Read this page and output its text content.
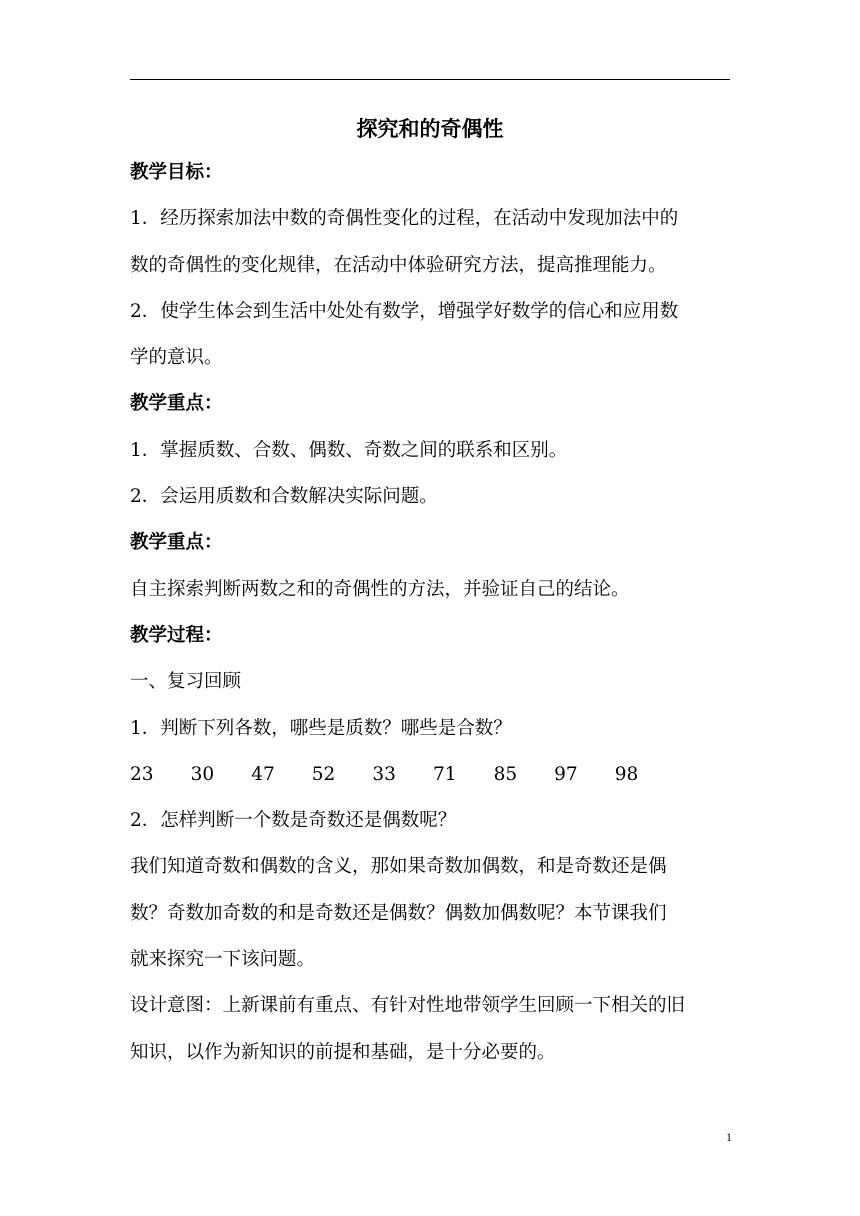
探究和的奇偶性
教学目标：
1．经历探索加法中数的奇偶性变化的过程，在活动中发现加法中的
数的奇偶性的变化规律，在活动中体验研究方法，提高推理能力。
2．使学生体会到生活中处处有数学，增强学好数学的信心和应用数
学的意识。
教学重点：
1．掌握质数、合数、偶数、奇数之间的联系和区别。
2．会运用质数和合数解决实际问题。
教学重点：
自主探索判断两数之和的奇偶性的方法，并验证自己的结论。
教学过程：
一、复习回顾
1．判断下列各数，哪些是质数？哪些是合数？
23	30	47	52	33	71	85	97	98
2．怎样判断一个数是奇数还是偶数呢？
我们知道奇数和偶数的含义，那如果奇数加偶数，和是奇数还是偶
数？奇数加奇数的和是奇数还是偶数？偶数加偶数呢？本节课我们
就来探究一下该问题。
设计意图：上新课前有重点、有针对性地带领学生回顾一下相关的旧
知识，以作为新知识的前提和基础，是十分必要的。
1
